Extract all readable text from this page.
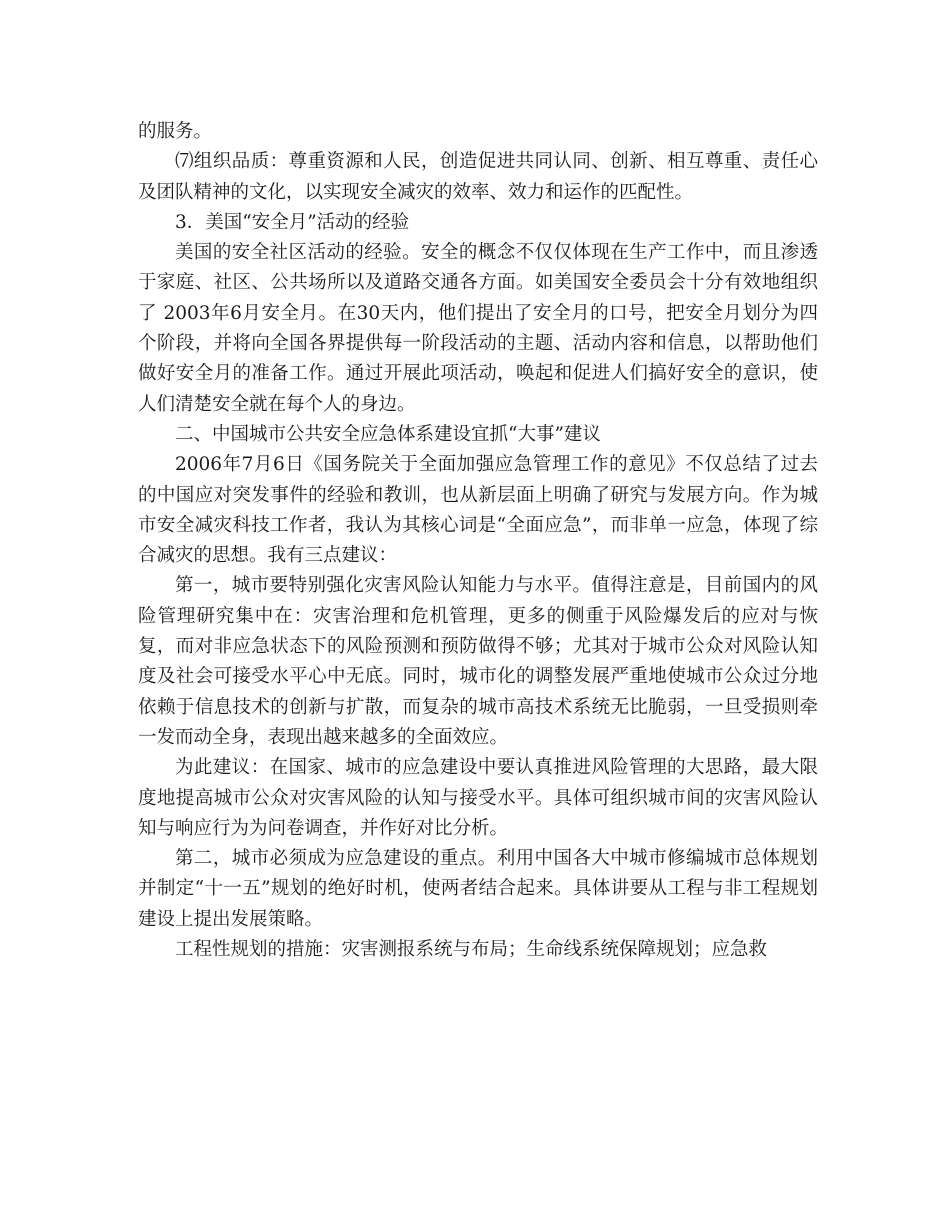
的服务。

⑺组织品质：尊重资源和人民，创造促进共同认同、创新、相互尊重、责任心及团队精神的文化，以实现安全减灾的效率、效力和运作的匹配性。

3．美国“安全月”活动的经验

美国的安全社区活动的经验。安全的概念不仅仅体现在生产工作中，而且渗透于家庭、社区、公共场所以及道路交通各方面。如美国安全委员会十分有效地组织了 2003年6月安全月。在30天内，他们提出了安全月的口号，把安全月划分为四个阶段，并将向全国各界提供每一阶段活动的主题、活动内容和信息，以帮助他们做好安全月的准备工作。通过开展此项活动，唤起和促进人们搞好安全的意识，使人们清楚安全就在每个人的身边。

二、中国城市公共安全应急体系建设宜抓“大事”建议

2006年7月6日《国务院关于全面加强应急管理工作的意见》不仅总结了过去的中国应对突发事件的经验和教训，也从新层面上明确了研究与发展方向。作为城市安全减灾科技工作者，我认为其核心词是“全面应急”，而非单一应急，体现了综合减灾的思想。我有三点建议：

第一，城市要特别强化灾害风险认知能力与水平。值得注意是，目前国内的风险管理研究集中在：灾害治理和危机管理，更多的侧重于风险爆发后的应对与恢复，而对非应急状态下的风险预测和预防做得不够；尤其对于城市公众对风险认知度及社会可接受水平心中无底。同时，城市化的调整发展严重地使城市公众过分地依赖于信息技术的创新与扩散，而复杂的城市高技术系统无比脆弱，一旦受损则牵一发而动全身，表现出越来越多的全面效应。

为此建议：在国家、城市的应急建设中要认真推进风险管理的大思路，最大限度地提高城市公众对灾害风险的认知与接受水平。具体可组织城市间的灾害风险认知与响应行为为问卷调查，并作好对比分析。

第二，城市必须成为应急建设的重点。利用中国各大中城市修编城市总体规划并制定“十一五”规划的绝好时机，使两者结合起来。具体讲要从工程与非工程规划建设上提出发展策略。

工程性规划的措施：灾害测报系统与布局；生命线系统保障规划；应急救
